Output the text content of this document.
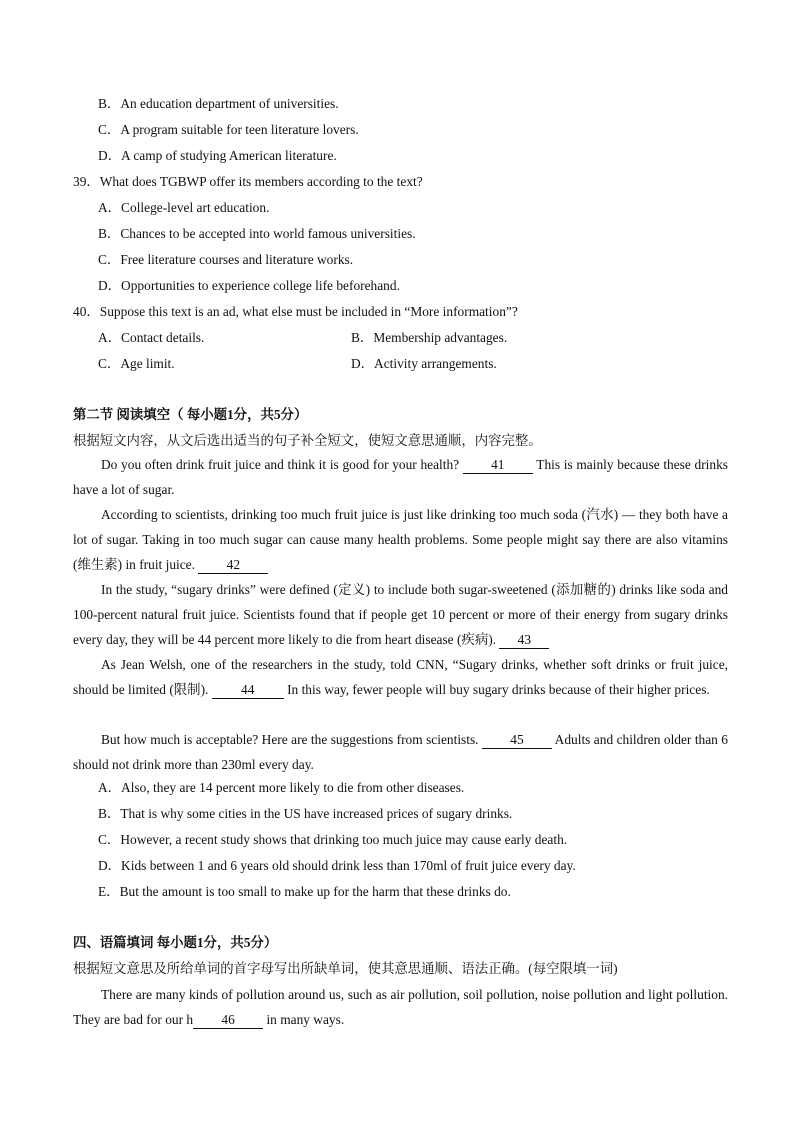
B．An education department of universities.
C．A program suitable for teen literature lovers.
D．A camp of studying American literature.
39．What does TGBWP offer its members according to the text?
A．College-level art education.
B．Chances to be accepted into world famous universities.
C．Free literature courses and literature works.
D．Opportunities to experience college life beforehand.
40．Suppose this text is an ad, what else must be included in “More information”?
A．Contact details.	B．Membership advantages.
C．Age limit.	D．Activity arrangements.
第二节 阅读填空（ 每小题1分，共5分）
根据短文内容，从文后选出适当的句子补全短文，使短文意思通顺，内容完整。
Do you often drink fruit juice and think it is good for your health? 41 This is mainly because these drinks have a lot of sugar.
According to scientists, drinking too much fruit juice is just like drinking too much soda (汽水) — they both have a lot of sugar. Taking in too much sugar can cause many health problems. Some people might say there are also vitamins (维生素) in fruit juice. 42
In the study, “sugary drinks” were defined (定义) to include both sugar-sweetened (添加糖的) drinks like soda and 100-percent natural fruit juice. Scientists found that if people get 10 percent or more of their energy from sugary drinks every day, they will be 44 percent more likely to die from heart disease (疾病). 43
As Jean Welsh, one of the researchers in the study, told CNN, “Sugary drinks, whether soft drinks or fruit juice, should be limited (限制). 44 In this way, fewer people will buy sugary drinks because of their higher prices.
But how much is acceptable? Here are the suggestions from scientists. 45 Adults and children older than 6 should not drink more than 230ml every day.
A．Also, they are 14 percent more likely to die from other diseases.
B．That is why some cities in the US have increased prices of sugary drinks.
C．However, a recent study shows that drinking too much juice may cause early death.
D．Kids between 1 and 6 years old should drink less than 170ml of fruit juice every day.
E．But the amount is too small to make up for the harm that these drinks do.
四、语篇填词 每小题1分，共5分）
根据短文意思及所给单词的首字母写出所缺单词，使其意思通顺、语法正确。(每空限填一词)
There are many kinds of pollution around us, such as air pollution, soil pollution, noise pollution and light pollution. They are bad for our h 46 in many ways.
